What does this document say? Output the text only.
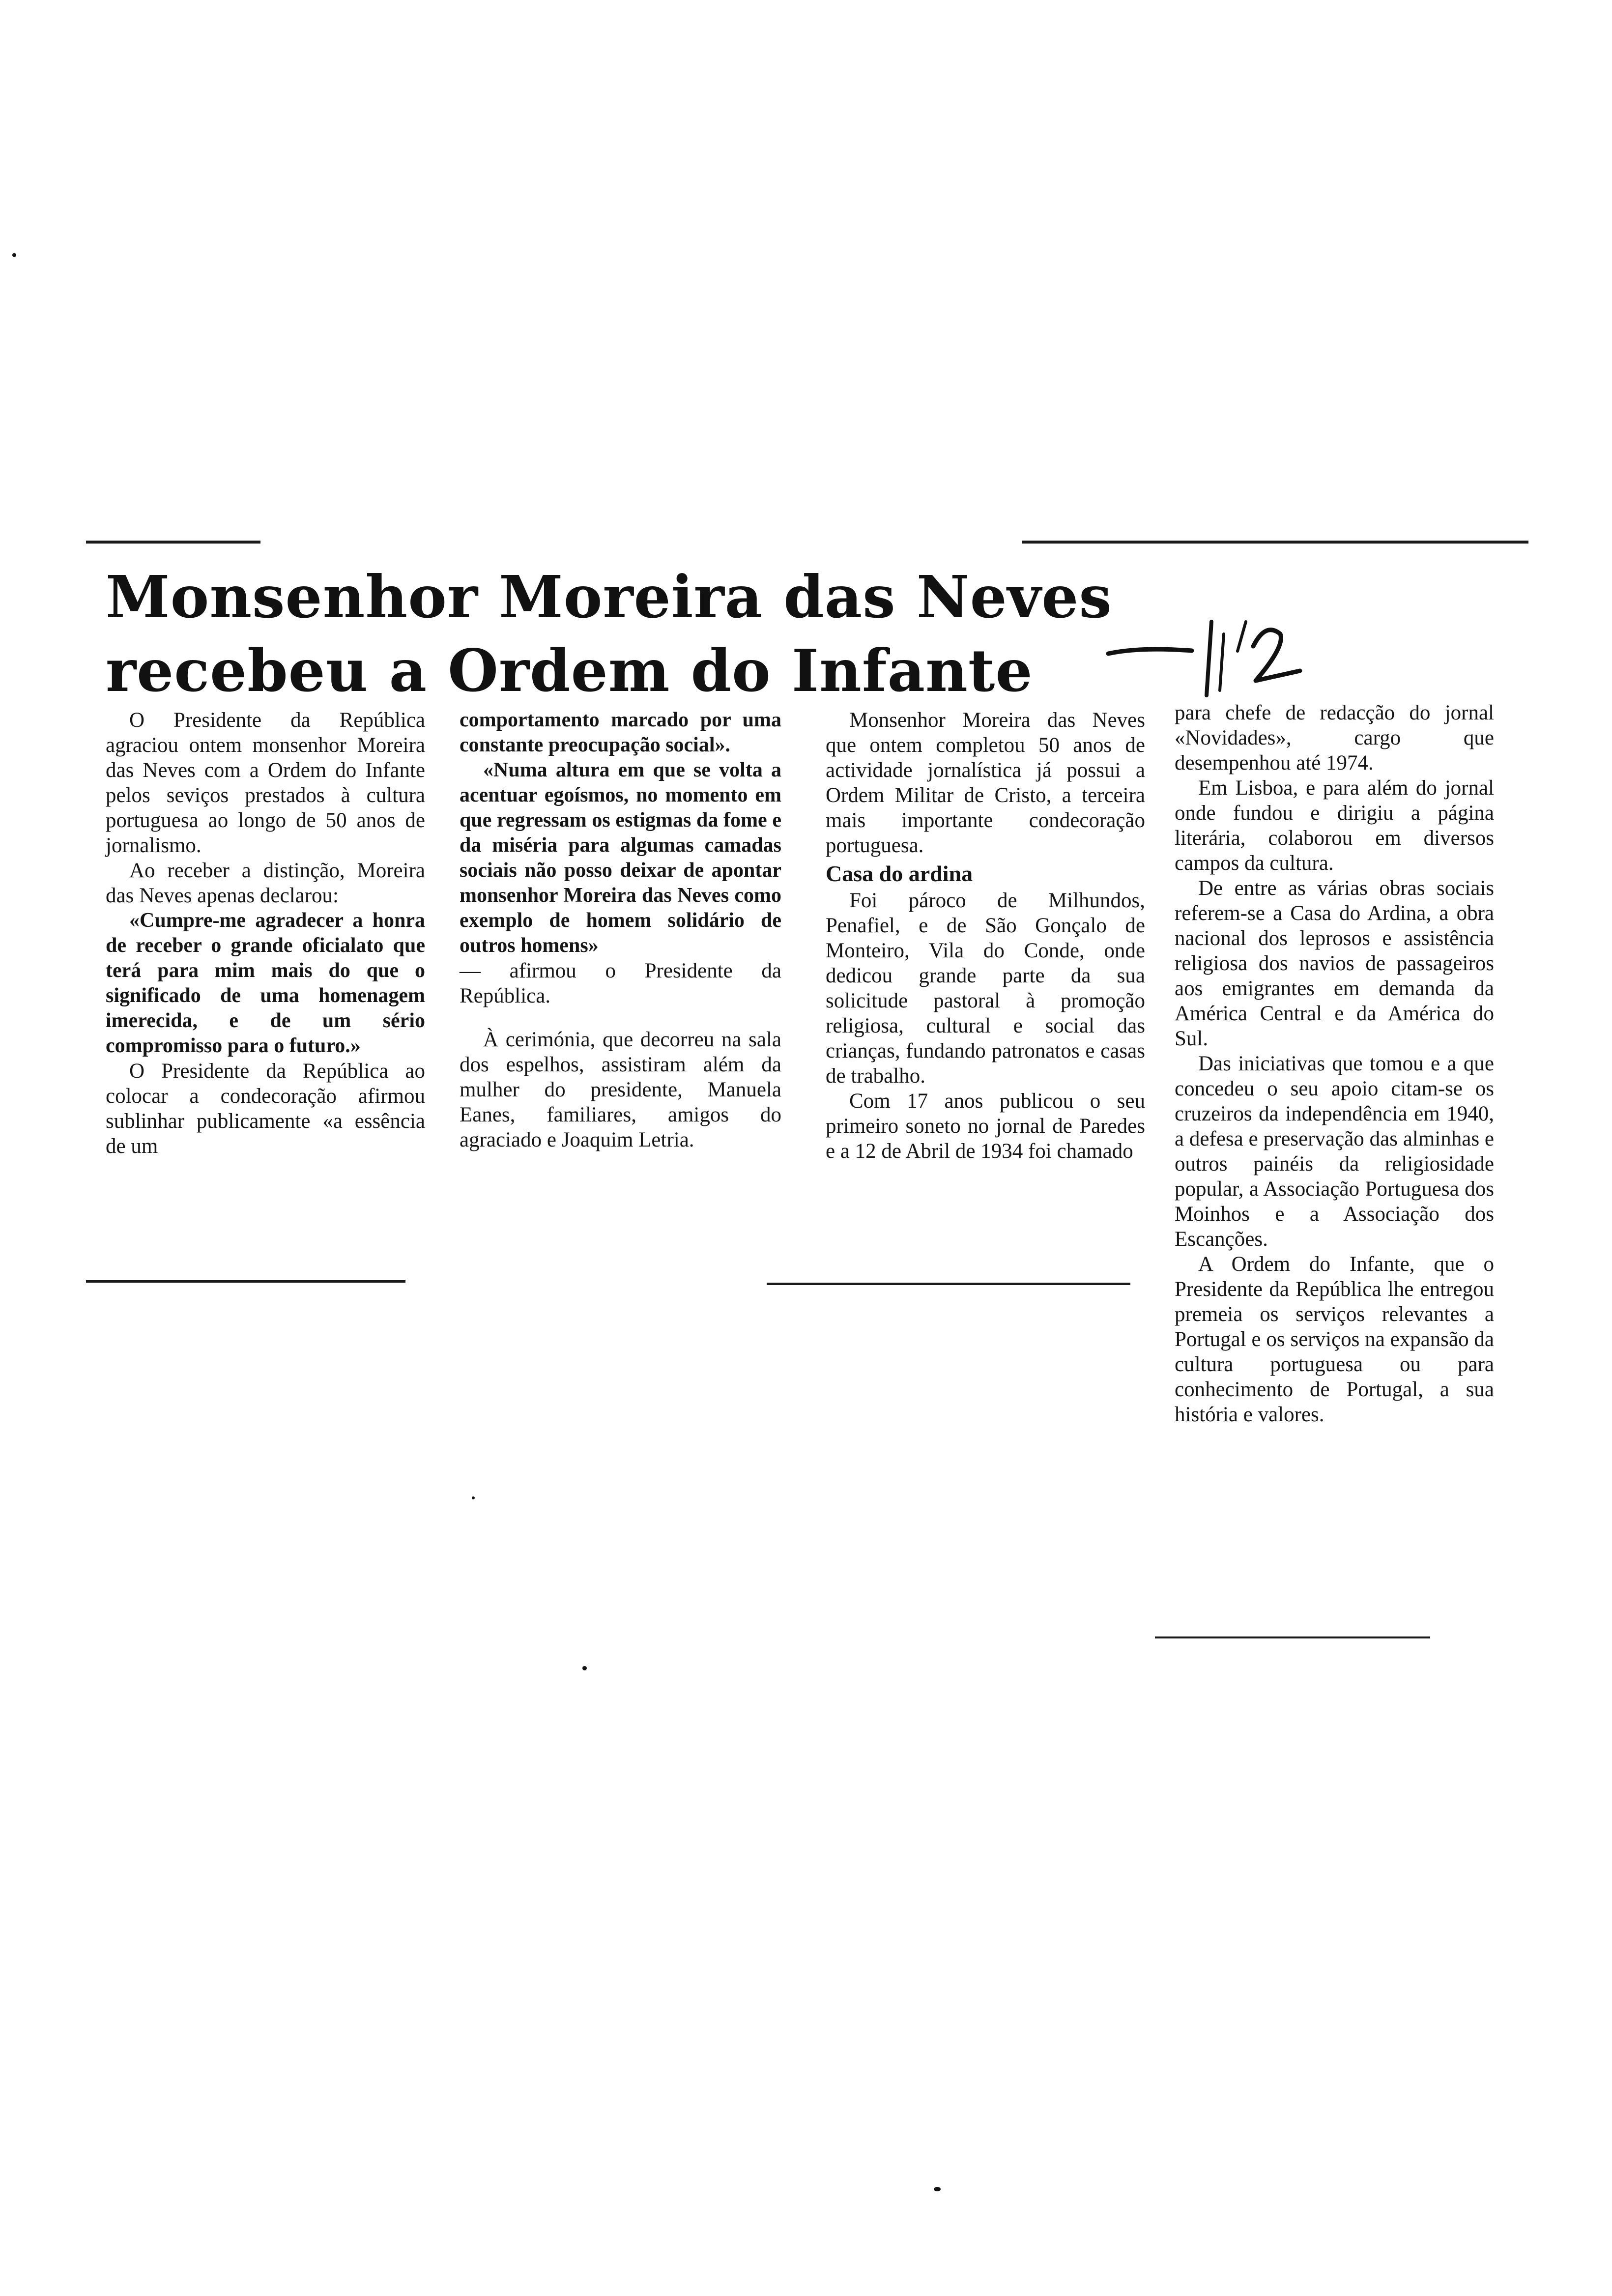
Monsenhor Moreira das Neves
recebeu a Ordem do Infante

O Presidente da República agraciou ontem monsenhor Moreira das Neves com a Ordem do Infante pelos seviços prestados à cultura portuguesa ao longo de 50 anos de jornalismo.

Ao receber a distinção, Moreira das Neves apenas declarou:

«Cumpre-me agradecer a honra de receber o grande oficialato que terá para mim mais do que o significado de uma homenagem imerecida, e de um sério compromisso para o futuro.»

O Presidente da República ao colocar a condecoração afirmou sublinhar publicamente «a essência de um

comportamento marcado por uma constante preocupação social».

«Numa altura em que se volta a acentuar egoísmos, no momento em que regressam os estigmas da fome e da miséria para algumas camadas sociais não posso deixar de apontar monsenhor Moreira das Neves como exemplo de homem solidário de outros homens»

— afirmou o Presidente da República.

À cerimónia, que decorreu na sala dos espelhos, assistiram além da mulher do presidente, Manuela Eanes, familiares, amigos do agraciado e Joaquim Letria.

Monsenhor Moreira das Neves que ontem completou 50 anos de actividade jornalística já possui a Ordem Militar de Cristo, a terceira mais importante condecoração portuguesa.

Casa do ardina

Foi pároco de Milhundos, Penafiel, e de São Gonçalo de Monteiro, Vila do Conde, onde dedicou grande parte da sua solicitude pastoral à promoção religiosa, cultural e social das crianças, fundando patronatos e casas de trabalho.

Com 17 anos publicou o seu primeiro soneto no jornal de Paredes e a 12 de Abril de 1934 foi chamado

para chefe de redacção do jornal «Novidades», cargo que desempenhou até 1974.

Em Lisboa, e para além do jornal onde fundou e dirigiu a página literária, colaborou em diversos campos da cultura.

De entre as várias obras sociais referem-se a Casa do Ardina, a obra nacional dos leprosos e assistência religiosa dos navios de passageiros aos emigrantes em demanda da América Central e da América do Sul.

Das iniciativas que tomou e a que concedeu o seu apoio citam-se os cruzeiros da independência em 1940, a defesa e preservação das alminhas e outros painéis da religiosidade popular, a Associação Portuguesa dos Moinhos e a Associação dos Escanções.

A Ordem do Infante, que o Presidente da República lhe entregou premeia os serviços relevantes a Portugal e os serviços na expansão da cultura portuguesa ou para conhecimento de Portugal, a sua história e valores.
